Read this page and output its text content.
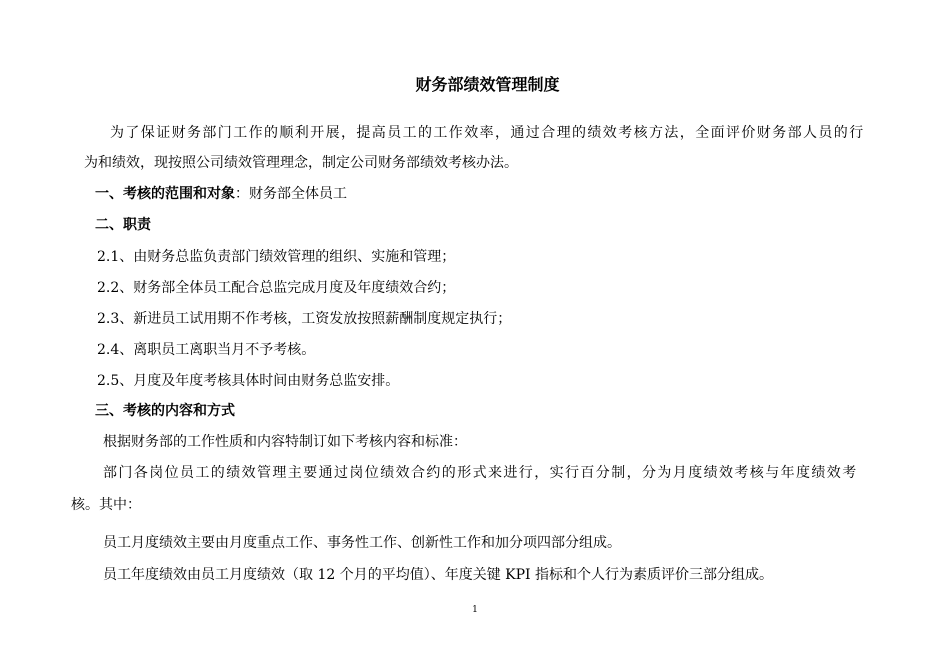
财务部绩效管理制度
为了保证财务部门工作的顺利开展，提高员工的工作效率，通过合理的绩效考核方法，全面评价财务部人员的行
为和绩效，现按照公司绩效管理理念，制定公司财务部绩效考核办法。
一、考核的范围和对象：财务部全体员工
二、职责
2.1、由财务总监负责部门绩效管理的组织、实施和管理；
2.2、财务部全体员工配合总监完成月度及年度绩效合约；
2.3、新进员工试用期不作考核，工资发放按照薪酬制度规定执行；
2.4、离职员工离职当月不予考核。
2.5、月度及年度考核具体时间由财务总监安排。
三、考核的内容和方式
根据财务部的工作性质和内容特制订如下考核内容和标准：
部门各岗位员工的绩效管理主要通过岗位绩效合约的形式来进行，实行百分制，分为月度绩效考核与年度绩效考
核。其中：
员工月度绩效主要由月度重点工作、事务性工作、创新性工作和加分项四部分组成。
员工年度绩效由员工月度绩效（取 12 个月的平均值）、年度关键 KPI 指标和个人行为素质评价三部分组成。
1
